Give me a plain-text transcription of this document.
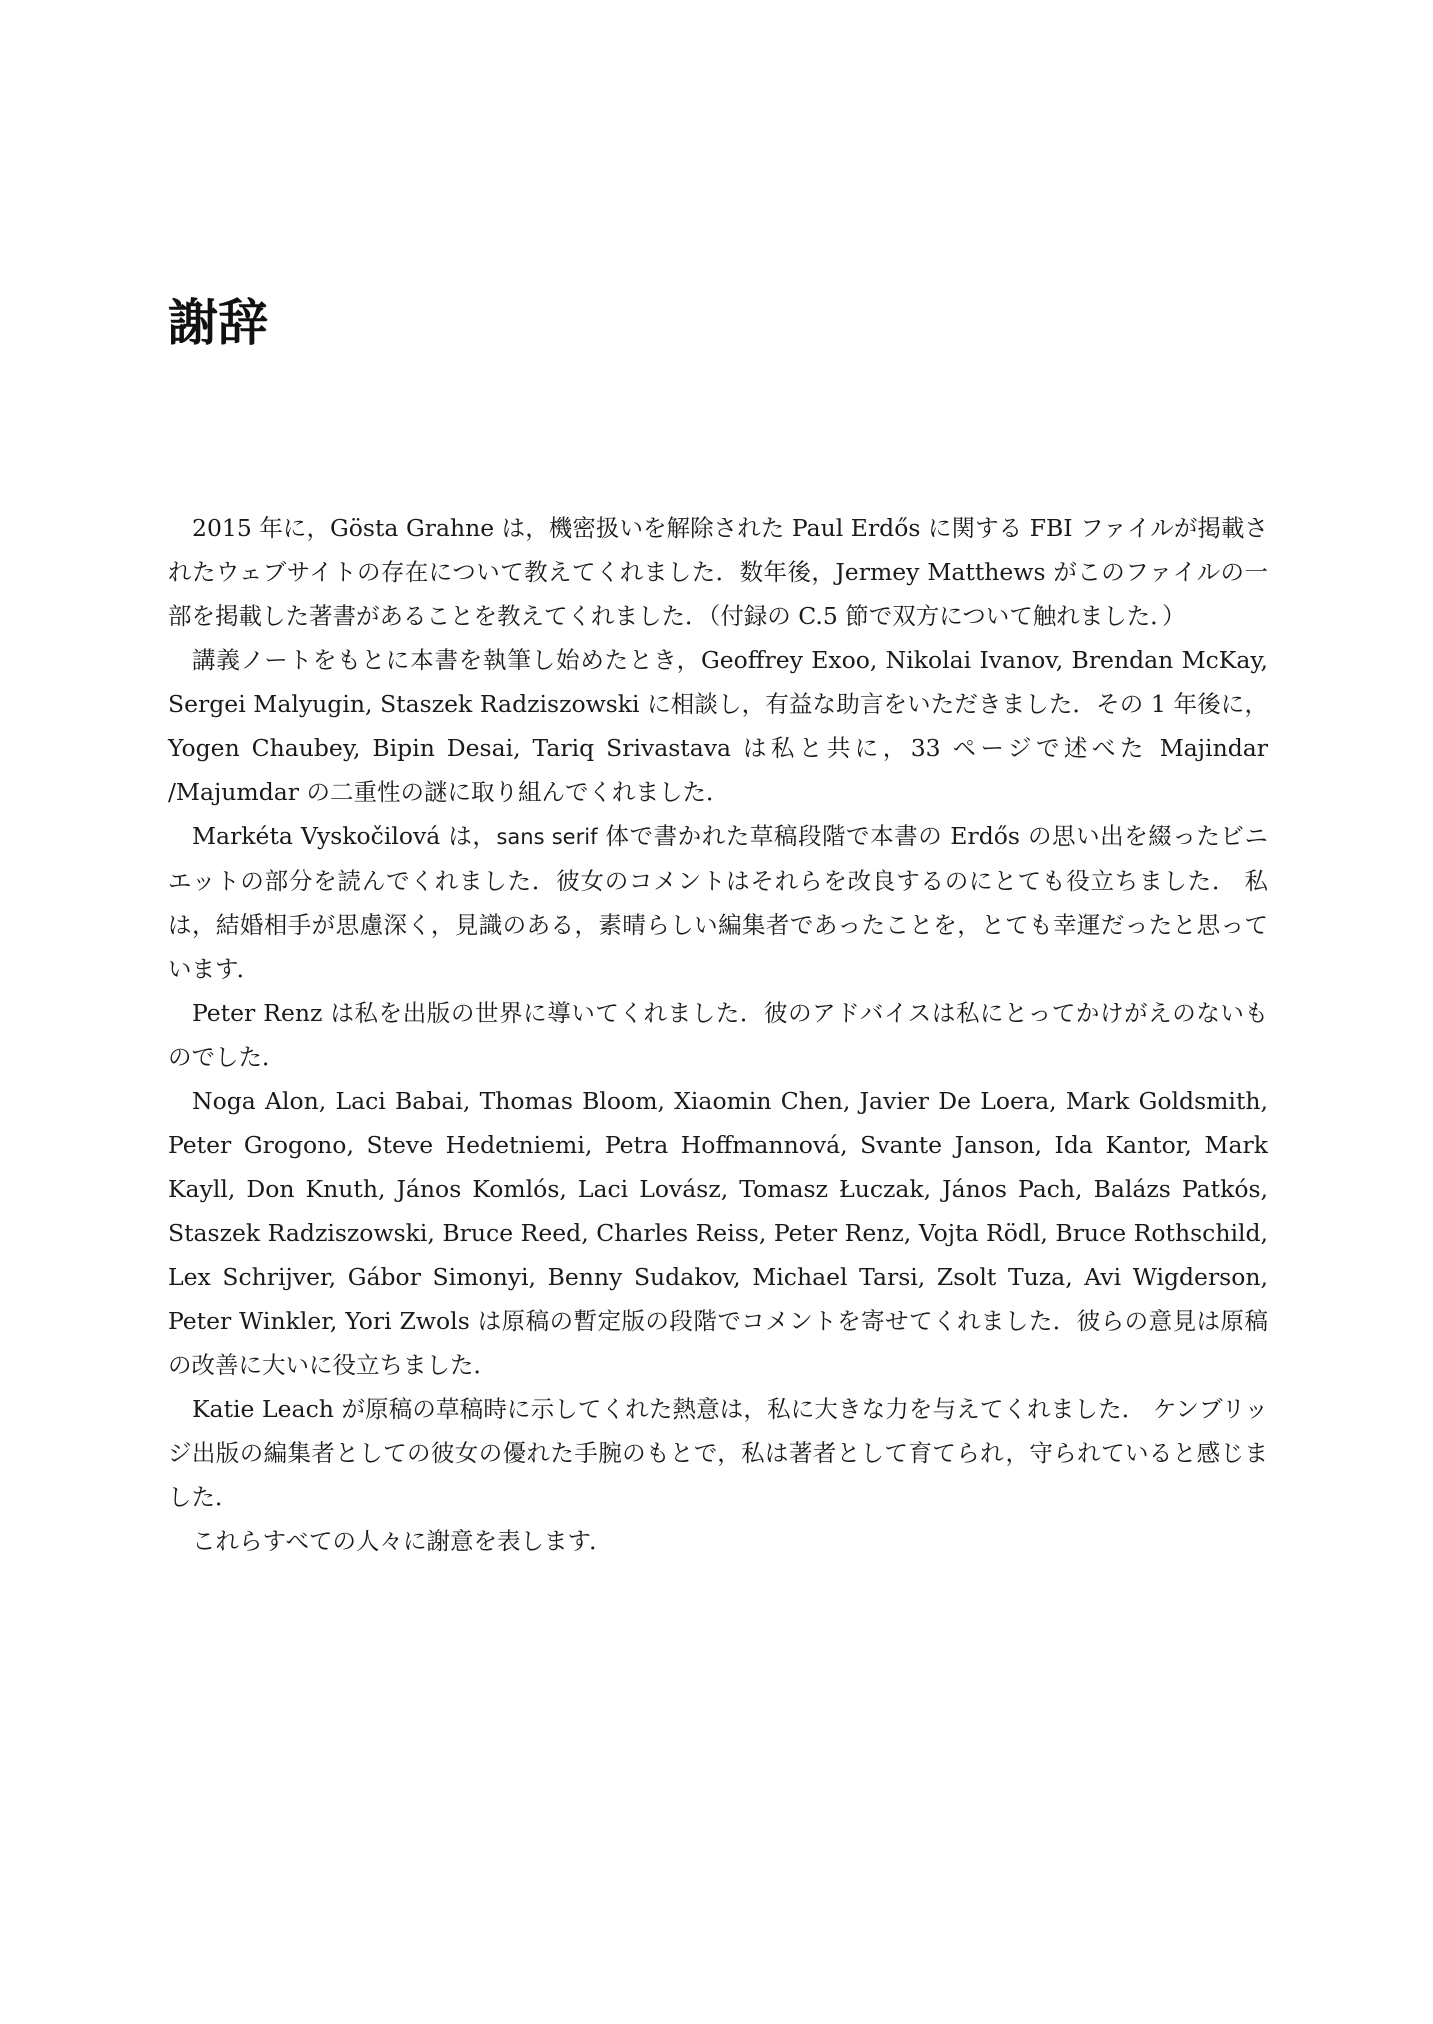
謝辞

2015 年に，Gösta Grahne は，機密扱いを解除された Paul Erdős に関する FBI ファイルが掲載されたウェブサイトの存在について教えてくれました．数年後，Jermey Matthews がこのファイルの一部を掲載した著書があることを教えてくれました．（付録の C.5 節で双方について触れました．）

講義ノートをもとに本書を執筆し始めたとき，Geoffrey Exoo, Nikolai Ivanov, Brendan McKay, Sergei Malyugin, Staszek Radziszowski に相談し，有益な助言をいただきました．その 1 年後に，Yogen Chaubey, Bipin Desai, Tariq Srivastava は私と共に，33 ページで述べた Majindar /Majumdar の二重性の謎に取り組んでくれました．

Markéta Vyskočilová は，sans serif 体で書かれた草稿段階で本書の Erdős の思い出を綴ったビニエットの部分を読んでくれました．彼女のコメントはそれらを改良するのにとても役立ちました． 私は，結婚相手が思慮深く，見識のある，素晴らしい編集者であったことを，とても幸運だったと思っています．

Peter Renz は私を出版の世界に導いてくれました．彼のアドバイスは私にとってかけがえのないものでした．

Noga Alon, Laci Babai, Thomas Bloom, Xiaomin Chen, Javier De Loera, Mark Goldsmith, Peter Grogono, Steve Hedetniemi, Petra Hoffmannová, Svante Janson, Ida Kantor, Mark Kayll, Don Knuth, János Komlós, Laci Lovász, Tomasz Łuczak, János Pach, Balázs Patkós, Staszek Radziszowski, Bruce Reed, Charles Reiss, Peter Renz, Vojta Rödl, Bruce Rothschild, Lex Schrijver, Gábor Simonyi, Benny Sudakov, Michael Tarsi, Zsolt Tuza, Avi Wigderson, Peter Winkler, Yori Zwols は原稿の暫定版の段階でコメントを寄せてくれました．彼らの意見は原稿の改善に大いに役立ちました．

Katie Leach が原稿の草稿時に示してくれた熱意は，私に大きな力を与えてくれました． ケンブリッジ出版の編集者としての彼女の優れた手腕のもとで，私は著者として育てられ，守られていると感じました．

これらすべての人々に謝意を表します．
